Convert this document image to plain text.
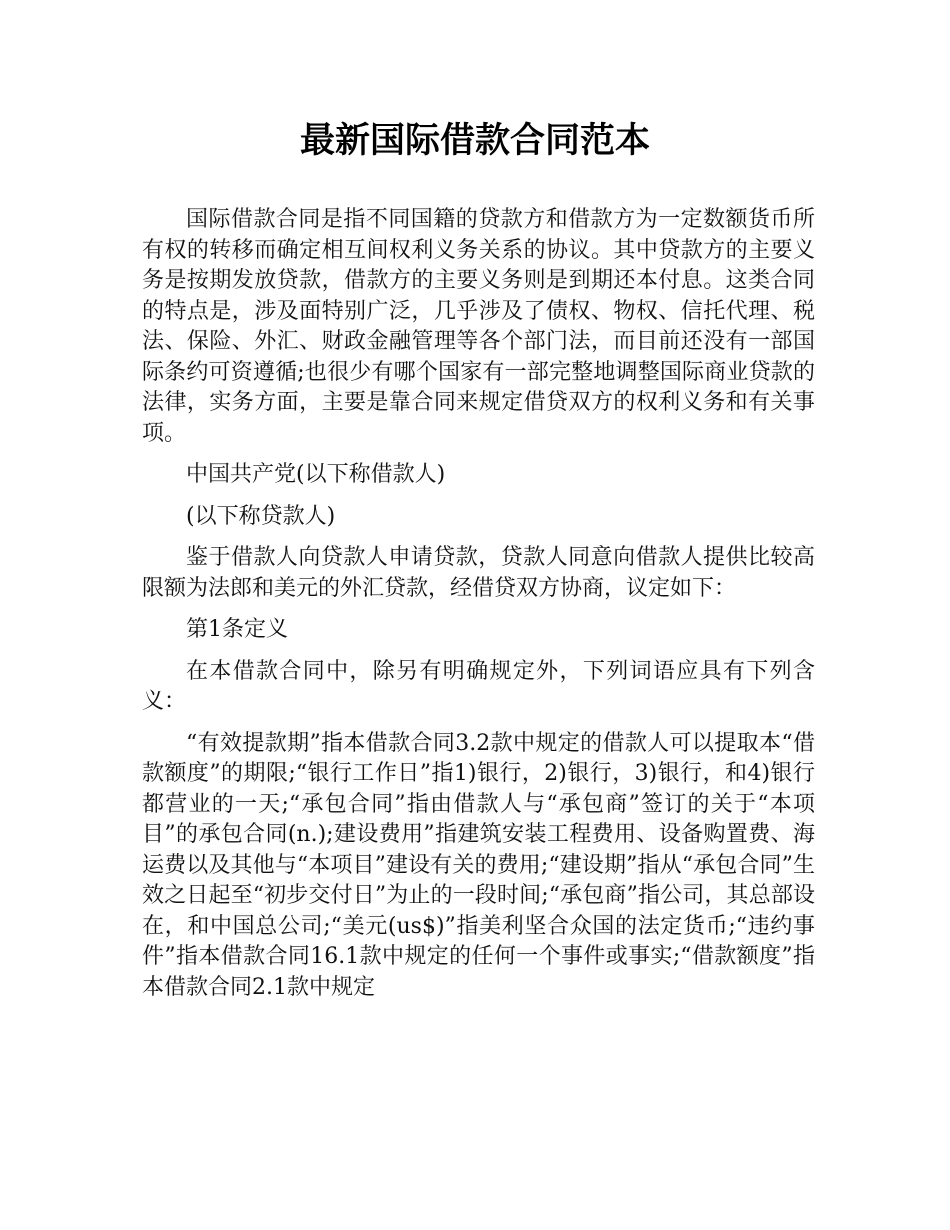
最新国际借款合同范本

国际借款合同是指不同国籍的贷款方和借款方为一定数额货币所有权的转移而确定相互间权利义务关系的协议。其中贷款方的主要义务是按期发放贷款，借款方的主要义务则是到期还本付息。这类合同的特点是，涉及面特别广泛，几乎涉及了债权、物权、信托代理、税法、保险、外汇、财政金融管理等各个部门法，而目前还没有一部国际条约可资遵循;也很少有哪个国家有一部完整地调整国际商业贷款的法律，实务方面，主要是靠合同来规定借贷双方的权利义务和有关事项。

中国共产党(以下称借款人)

(以下称贷款人)

鉴于借款人向贷款人申请贷款，贷款人同意向借款人提供比较高限额为法郎和美元的外汇贷款，经借贷双方协商，议定如下：

第1条定义

在本借款合同中，除另有明确规定外，下列词语应具有下列含义：

“有效提款期”指本借款合同3.2款中规定的借款人可以提取本“借款额度”的期限;“银行工作日”指1)银行，2)银行，3)银行，和4)银行都营业的一天;“承包合同”指由借款人与“承包商”签订的关于“本项目”的承包合同(n.);建设费用”指建筑安装工程费用、设备购置费、海运费以及其他与“本项目”建设有关的费用;“建设期”指从“承包合同”生效之日起至“初步交付日”为止的一段时间;“承包商”指公司，其总部设在，和中国总公司;“美元(us$)”指美利坚合众国的法定货币;“违约事件”指本借款合同16.1款中规定的任何一个事件或事实;“借款额度”指本借款合同2.1款中规定
